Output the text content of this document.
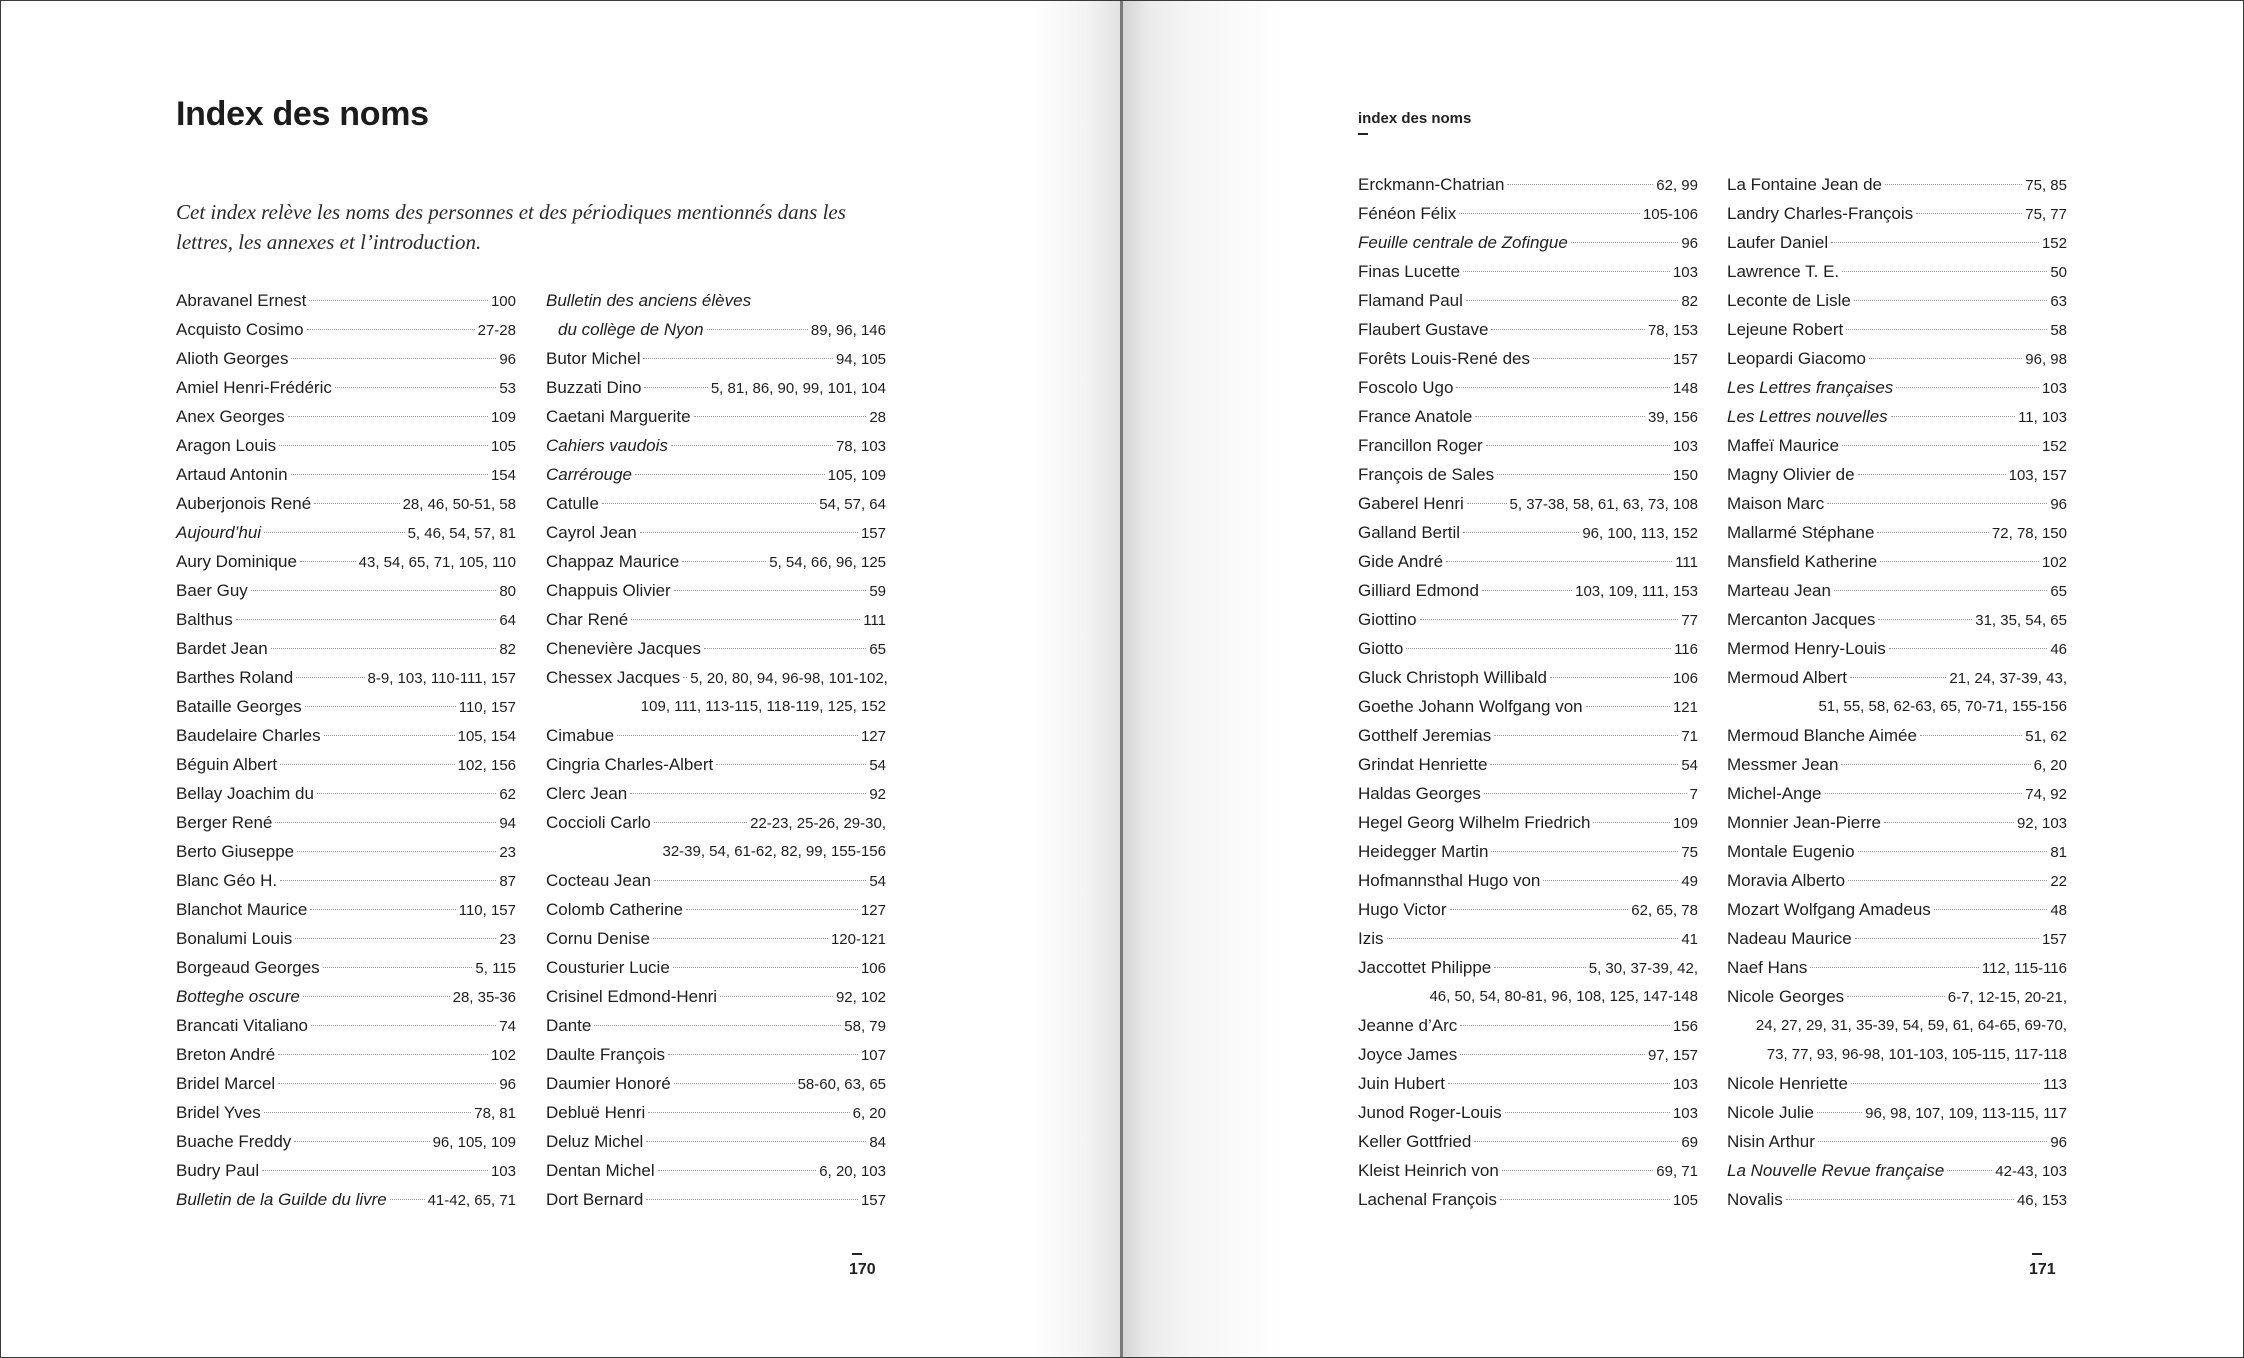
Index des noms

Cet index relève les noms des personnes et des périodiques mentionnés dans les lettres, les annexes et l’introduction.

Abravanel Ernest	100
Acquisto Cosimo	27-28
Alioth Georges	96
Amiel Henri-Frédéric	53
Anex Georges	109
Aragon Louis	105
Artaud Antonin	154
Auberjonois René	28, 46, 50-51, 58
Aujourd’hui	5, 46, 54, 57, 81
Aury Dominique	43, 54, 65, 71, 105, 110
Baer Guy	80
Balthus	64
Bardet Jean	82
Barthes Roland	8-9, 103, 110-111, 157
Bataille Georges	110, 157
Baudelaire Charles	105, 154
Béguin Albert	102, 156
Bellay Joachim du	62
Berger René	94
Berto Giuseppe	23
Blanc Géo H.	87
Blanchot Maurice	110, 157
Bonalumi Louis	23
Borgeaud Georges	5, 115
Botteghe oscure	28, 35-36
Brancati Vitaliano	74
Breton André	102
Bridel Marcel	96
Bridel Yves	78, 81
Buache Freddy	96, 105, 109
Budry Paul	103
Bulletin de la Guilde du livre	41-42, 65, 71
Bulletin des anciens élèves
du collège de Nyon	89, 96, 146
Butor Michel	94, 105
Buzzati Dino	5, 81, 86, 90, 99, 101, 104
Caetani Marguerite	28
Cahiers vaudois	78, 103
Carrérouge	105, 109
Catulle	54, 57, 64
Cayrol Jean	157
Chappaz Maurice	5, 54, 66, 96, 125
Chappuis Olivier	59
Char René	111
Chenevière Jacques	65
Chessex Jacques 5, 20, 80, 94, 96-98, 101-102,
109, 111, 113-115, 118-119, 125, 152
Cimabue	127
Cingria Charles-Albert	54
Clerc Jean	92
Coccioli Carlo	22-23, 25-26, 29-30,
32-39, 54, 61-62, 82, 99, 155-156
Cocteau Jean	54
Colomb Catherine	127
Cornu Denise	120-121
Cousturier Lucie	106
Crisinel Edmond-Henri	92, 102
Dante	58, 79
Daulte François	107
Daumier Honoré	58-60, 63, 65
Debluë Henri	6, 20
Deluz Michel	84
Dentan Michel	6, 20, 103
Dort Bernard	157
170
index des noms
Erckmann-Chatrian	62, 99
Fénéon Félix	105-106
Feuille centrale de Zofingue	96
Finas Lucette	103
Flamand Paul	82
Flaubert Gustave	78, 153
Forêts Louis-René des	157
Foscolo Ugo	148
France Anatole	39, 156
Francillon Roger	103
François de Sales	150
Gaberel Henri	5, 37-38, 58, 61, 63, 73, 108
Galland Bertil	96, 100, 113, 152
Gide André	111
Gilliard Edmond	103, 109, 111, 153
Giottino	77
Giotto	116
Gluck Christoph Willibald	106
Goethe Johann Wolfgang von	121
Gotthelf Jeremias	71
Grindat Henriette	54
Haldas Georges	7
Hegel Georg Wilhelm Friedrich	109
Heidegger Martin	75
Hofmannsthal Hugo von	49
Hugo Victor	62, 65, 78
Izis	41
Jaccottet Philippe	5, 30, 37-39, 42,
46, 50, 54, 80-81, 96, 108, 125, 147-148
Jeanne d’Arc	156
Joyce James	97, 157
Juin Hubert	103
Junod Roger-Louis	103
Keller Gottfried	69
Kleist Heinrich von	69, 71
Lachenal François	105
La Fontaine Jean de	75, 85
Landry Charles-François	75, 77
Laufer Daniel	152
Lawrence T. E.	50
Leconte de Lisle	63
Lejeune Robert	58
Leopardi Giacomo	96, 98
Les Lettres françaises	103
Les Lettres nouvelles	11, 103
Maffeï Maurice	152
Magny Olivier de	103, 157
Maison Marc	96
Mallarmé Stéphane	72, 78, 150
Mansfield Katherine	102
Marteau Jean	65
Mercanton Jacques	31, 35, 54, 65
Mermod Henry-Louis	46
Mermoud Albert	21, 24, 37-39, 43,
51, 55, 58, 62-63, 65, 70-71, 155-156
Mermoud Blanche Aimée	51, 62
Messmer Jean	6, 20
Michel-Ange	74, 92
Monnier Jean-Pierre	92, 103
Montale Eugenio	81
Moravia Alberto	22
Mozart Wolfgang Amadeus	48
Nadeau Maurice	157
Naef Hans	112, 115-116
Nicole Georges	6-7, 12-15, 20-21,
24, 27, 29, 31, 35-39, 54, 59, 61, 64-65, 69-70,
73, 77, 93, 96-98, 101-103, 105-115, 117-118
Nicole Henriette	113
Nicole Julie	96, 98, 107, 109, 113-115, 117
Nisin Arthur	96
La Nouvelle Revue française	42-43, 103
Novalis	46, 153
171
